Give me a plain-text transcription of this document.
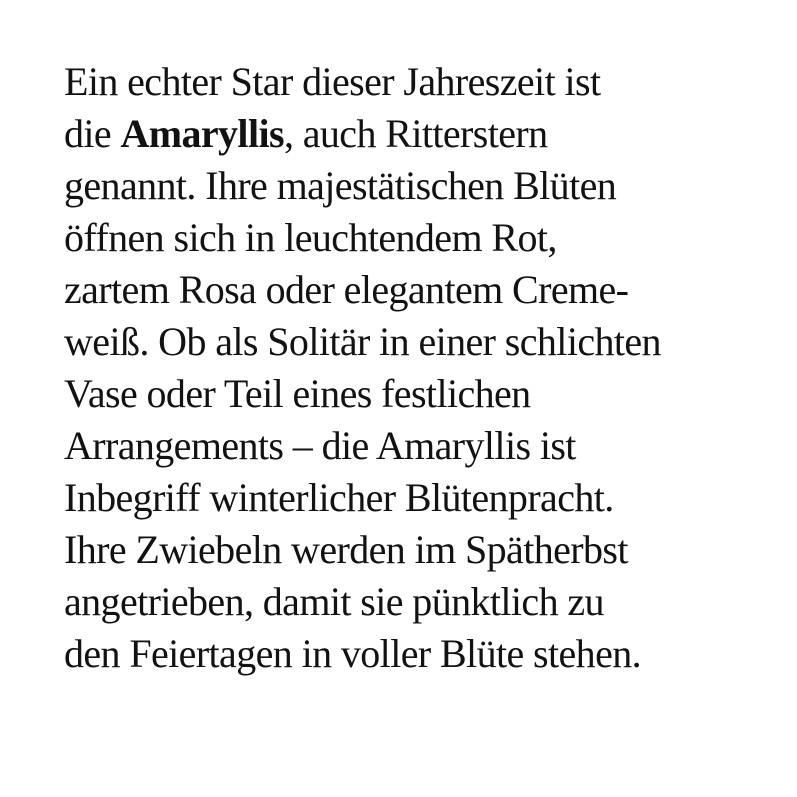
Ein echter Star dieser Jahreszeit ist
die Amaryllis, auch Ritterstern
genannt. Ihre majestätischen Blüten
öffnen sich in leuchtendem Rot,
zartem Rosa oder elegantem Creme-
weiß. Ob als Solitär in einer schlichten
Vase oder Teil eines festlichen
Arrangements – die Amaryllis ist
Inbegriff winterlicher Blütenpracht.
Ihre Zwiebeln werden im Spätherbst
angetrieben, damit sie pünktlich zu
den Feiertagen in voller Blüte stehen.
